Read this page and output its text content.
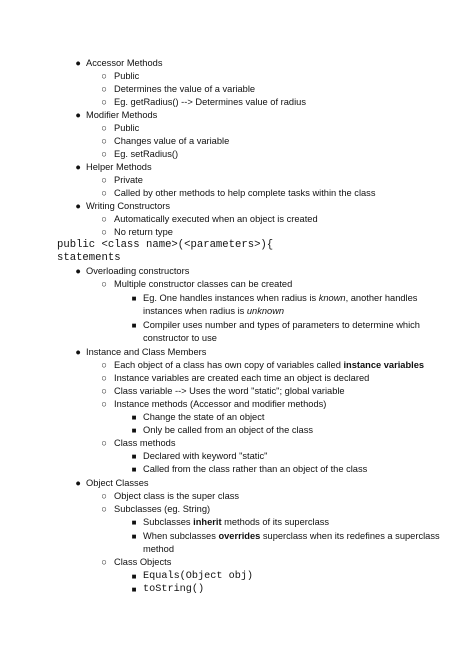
● Accessor Methods
○ Public
○ Determines the value of a variable
○ Eg. getRadius() --> Determines value of radius
● Modifier Methods
○ Public
○ Changes value of a variable
○ Eg. setRadius()
● Helper Methods
○ Private
○ Called by other methods to help complete tasks within the class
● Writing Constructors
○ Automatically executed when an object is created
○ No return type
public <class name>(<parameters>){
statements
● Overloading constructors
○ Multiple constructor classes can be created
■ Eg. One handles instances when radius is known, another handles
instances when radius is unknown
■ Compiler uses number and types of parameters to determine which
constructor to use
● Instance and Class Members
○ Each object of a class has own copy of variables called instance variables
○ Instance variables are created each time an object is declared
○ Class variable --> Uses the word "static"; global variable
○ Instance methods (Accessor and modifier methods)
■ Change the state of an object
■ Only be called from an object of the class
○ Class methods
■ Declared with keyword "static"
■ Called from the class rather than an object of the class
● Object Classes
○ Object class is the super class
○ Subclasses (eg. String)
■ Subclasses inherit methods of its superclass
■ When subclasses overrides superclass when its redefines a superclass
method
○ Class Objects
■ Equals(Object obj)
■ toString()
